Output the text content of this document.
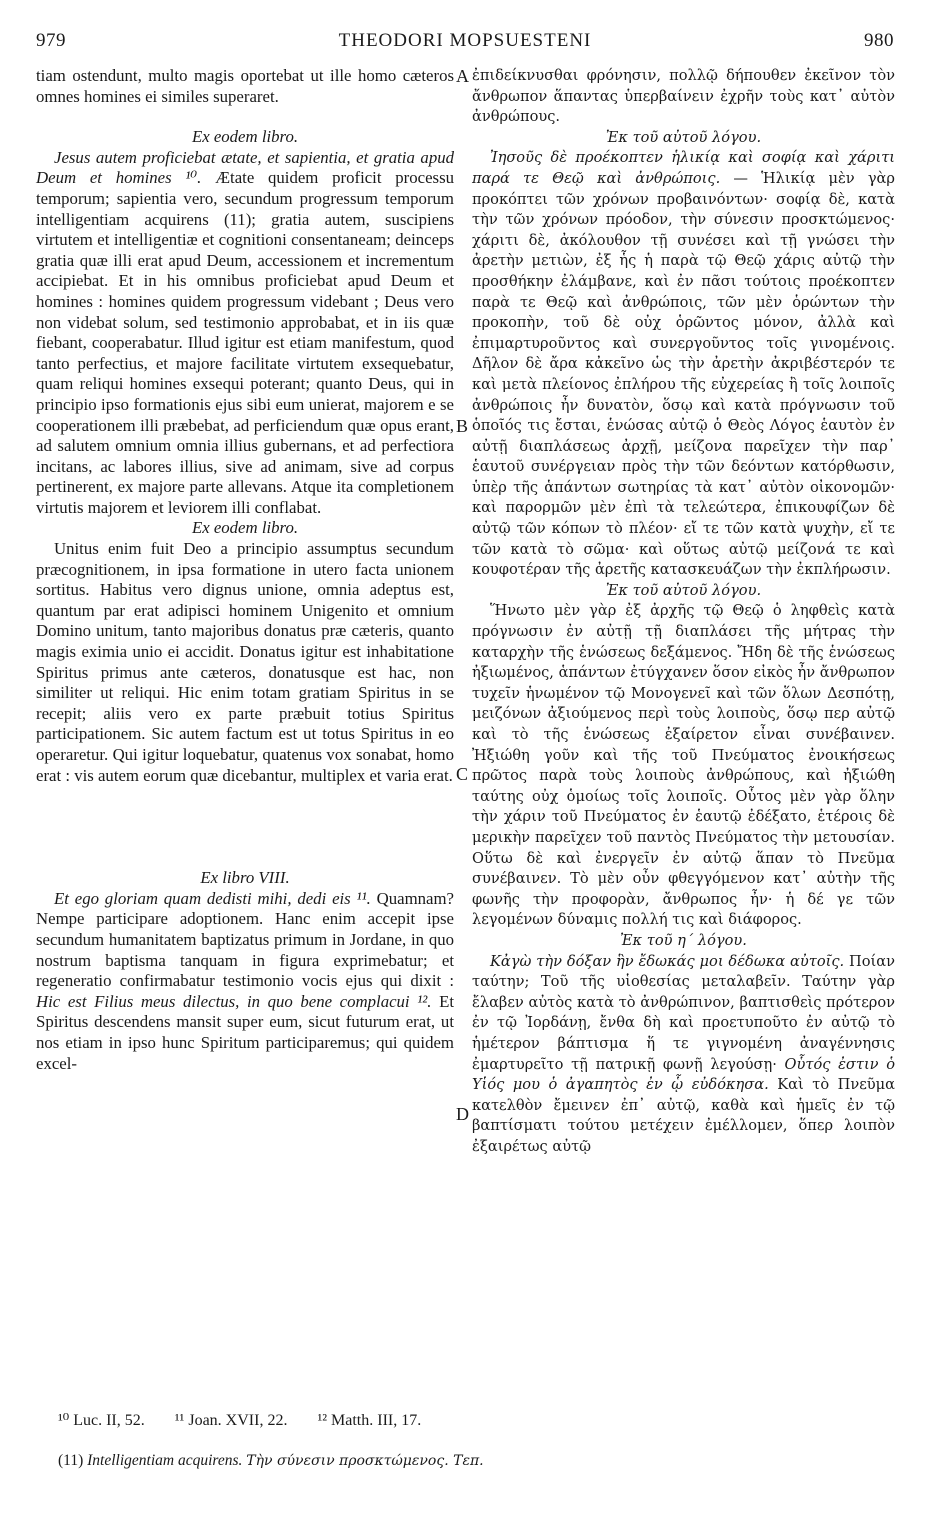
979	THEODORI MOPSUESTENI	980
A
B
C
D

tiam ostendunt, multo magis oportebat ut ille homo cæteros omnes homines ei similes superaret.

Ex eodem libro.

Jesus autem proficiebat ætate, et sapientia, et gratia apud Deum et homines ¹⁰. Ætate quidem proficit processu temporum; sapientia vero, secundum progressum temporum intelligentiam acquirens (11); gratia autem, suscipiens virtutem et intelligentiæ et cognitioni consentaneam; deinceps gratia quæ illi erat apud Deum, accessionem et incrementum accipiebat. Et in his omnibus proficiebat apud Deum et homines : homines quidem progressum videbant ; Deus vero non videbat solum, sed testimonio approbabat, et in iis quæ fiebant, cooperabatur. Illud igitur est etiam manifestum, quod tanto perfectius, et majore facilitate virtutem exsequebatur, quam reliqui homines exsequi poterant; quanto Deus, qui in principio ipso formationis ejus sibi eum unierat, majorem e se cooperationem illi præbebat, ad perficiendum quæ opus erant, ad salutem omnium omnia illius gubernans, et ad perfectiora incitans, ac labores illius, sive ad animam, sive ad corpus pertinerent, ex majore parte allevans. Atque ita completionem virtutis majorem et leviorem illi conflabat.

Ex eodem libro.

Unitus enim fuit Deo a principio assumptus secundum præcognitionem, in ipsa formatione in utero facta unionem sortitus. Habitus vero dignus unione, omnia adeptus est, quantum par erat adipisci hominem Unigenito et omnium Domino unitum, tanto majoribus donatus præ cæteris, quanto magis eximia unio ei accidit. Donatus igitur est inhabitatione Spiritus primus ante cæteros, donatusque est hac, non similiter ut reliqui. Hic enim totam gratiam Spiritus in se recepit; aliis vero ex parte præbuit totius Spiritus participationem. Sic autem factum est ut totus Spiritus in eo operaretur. Qui igitur loquebatur, quatenus vox sonabat, homo erat : vis autem eorum quæ dicebantur, multiplex et varia erat.

Ex libro VIII.

Et ego gloriam quam dedisti mihi, dedi eis ¹¹. Quamnam? Nempe participare adoptionem. Hanc enim accepit ipse secundum humanitatem baptizatus primum in Jordane, in quo nostrum baptisma tanquam in figura exprimebatur; et regeneratio confirmabatur testimonio vocis ejus qui dixit : Hic est Filius meus dilectus, in quo bene complacui ¹². Et Spiritus descendens mansit super eum, sicut futurum erat, ut nos etiam in ipso hunc Spiritum participaremus; qui quidem excel-

ἐπιδείκνυσθαι φρόνησιν, πολλῷ δήπουθεν ἐκεῖνον τὸν ἄνθρωπον ἅπαντας ὑπερβαίνειν ἐχρῆν τοὺς κατ᾽ αὐτὸν ἀνθρώπους.

Ἐκ τοῦ αὐτοῦ λόγου.

Ἰησοῦς δὲ προέκοπτεν ἡλικίᾳ καὶ σοφίᾳ καὶ χάριτι παρά τε Θεῷ καὶ ἀνθρώποις. — Ἡλικίᾳ μὲν γὰρ προκόπτει τῶν χρόνων προβαινόντων· σοφίᾳ δὲ, κατὰ τὴν τῶν χρόνων πρόοδον, τὴν σύνεσιν προσκτώμενος· χάριτι δὲ, ἀκόλουθον τῇ συνέσει καὶ τῇ γνώσει τὴν ἀρετὴν μετιὼν, ἐξ ἧς ἡ παρὰ τῷ Θεῷ χάρις αὐτῷ τὴν προσθήκην ἐλάμβανε, καὶ ἐν πᾶσι τούτοις προέκοπτεν παρὰ τε Θεῷ καὶ ἀνθρώποις, τῶν μὲν ὁρώντων τὴν προκοπὴν, τοῦ δὲ οὐχ ὁρῶντος μόνον, ἀλλὰ καὶ ἐπιμαρτυροῦντος καὶ συνεργοῦντος τοῖς γινομένοις. Δῆλον δὲ ἄρα κἀκεῖνο ὡς τὴν ἀρετὴν ἀκριβέστερόν τε καὶ μετὰ πλείονος ἐπλήρου τῆς εὐχερείας ἢ τοῖς λοιποῖς ἀνθρώποις ἦν δυνατὸν, ὅσῳ καὶ κατὰ πρόγνωσιν τοῦ ὁποῖός τις ἔσται, ἑνώσας αὐτῷ ὁ Θεὸς Λόγος ἑαυτὸν ἐν αὐτῇ διαπλάσεως ἀρχῇ, μείζονα παρεῖχεν τὴν παρ᾽ ἑαυτοῦ συνέργειαν πρὸς τὴν τῶν δεόντων κατόρθωσιν, ὑπὲρ τῆς ἁπάντων σωτηρίας τὰ κατ᾽ αὐτὸν οἰκονομῶν· καὶ παρορμῶν μὲν ἐπὶ τὰ τελεώτερα, ἐπικουφίζων δὲ αὐτῷ τῶν κόπων τὸ πλέον· εἴ τε τῶν κατὰ ψυχὴν, εἴ τε τῶν κατὰ τὸ σῶμα· καὶ οὕτως αὐτῷ μείζονά τε καὶ κουφοτέραν τῆς ἀρετῆς κατασκευάζων τὴν ἐκπλήρωσιν.

Ἐκ τοῦ αὐτοῦ λόγου.

Ἥνωτο μὲν γὰρ ἐξ ἀρχῆς τῷ Θεῷ ὁ ληφθεὶς κατὰ πρόγνωσιν ἐν αὐτῇ τῇ διαπλάσει τῆς μήτρας τὴν καταρχὴν τῆς ἑνώσεως δεξάμενος. Ἤδη δὲ τῆς ἑνώσεως ἠξιωμένος, ἁπάντων ἐτύγχανεν ὅσον εἰκὸς ἦν ἄνθρωπον τυχεῖν ἡνωμένον τῷ Μονογενεῖ καὶ τῶν ὅλων Δεσπότῃ, μειζόνων ἀξιούμενος περὶ τοὺς λοιποὺς, ὅσῳ περ αὐτῷ καὶ τὸ τῆς ἑνώσεως ἐξαίρετον εἶναι συνέβαινεν. Ἠξιώθη γοῦν καὶ τῆς τοῦ Πνεύματος ἐνοικήσεως πρῶτος παρὰ τοὺς λοιποὺς ἀνθρώπους, καὶ ἠξιώθη ταύτης οὐχ ὁμοίως τοῖς λοιποῖς. Οὗτος μὲν γὰρ ὅλην τὴν χάριν τοῦ Πνεύματος ἐν ἑαυτῷ ἐδέξατο, ἑτέροις δὲ μερικὴν παρεῖχεν τοῦ παντὸς Πνεύματος τὴν μετουσίαν. Οὕτω δὲ καὶ ἐνεργεῖν ἐν αὐτῷ ἅπαν τὸ Πνεῦμα συνέβαινεν. Τὸ μὲν οὖν φθεγγόμενον κατ᾽ αὐτὴν τῆς φωνῆς τὴν προφορὰν, ἄνθρωπος ἦν· ἡ δέ γε τῶν λεγομένων δύναμις πολλή τις καὶ διάφορος.

Ἐκ τοῦ η΄ λόγου.

Κἀγὼ τὴν δόξαν ἣν ἔδωκάς μοι δέδωκα αὐτοῖς. Ποίαν ταύτην; Τοῦ τῆς υἱοθεσίας μεταλαβεῖν. Ταύτην γὰρ ἔλαβεν αὐτὸς κατὰ τὸ ἀνθρώπινον, βαπτισθεὶς πρότερον ἐν τῷ Ἰορδάνῃ, ἔνθα δὴ καὶ προετυποῦτο ἐν αὐτῷ τὸ ἡμέτερον βάπτισμα ἥ τε γιγνομένη ἀναγέννησις ἐμαρτυρεῖτο τῇ πατρικῇ φωνῇ λεγούσῃ· Οὗτός ἐστιν ὁ Υἱός μου ὁ ἀγαπητὸς ἐν ᾧ εὐδόκησα. Καὶ τὸ Πνεῦμα κατελθὸν ἔμεινεν ἐπ᾽ αὐτῷ, καθὰ καὶ ἡμεῖς ἐν τῷ βαπτίσματι τούτου μετέχειν ἐμέλλομεν, ὅπερ λοιπὸν ἐξαιρέτως αὐτῷ

¹⁰ Luc. II, 52. ¹¹ Joan. XVII, 22. ¹² Matth. III, 17.
(11) Intelligentiam acquirens. Τὴν σύνεσιν προσκτώμενος. Τεπ.
